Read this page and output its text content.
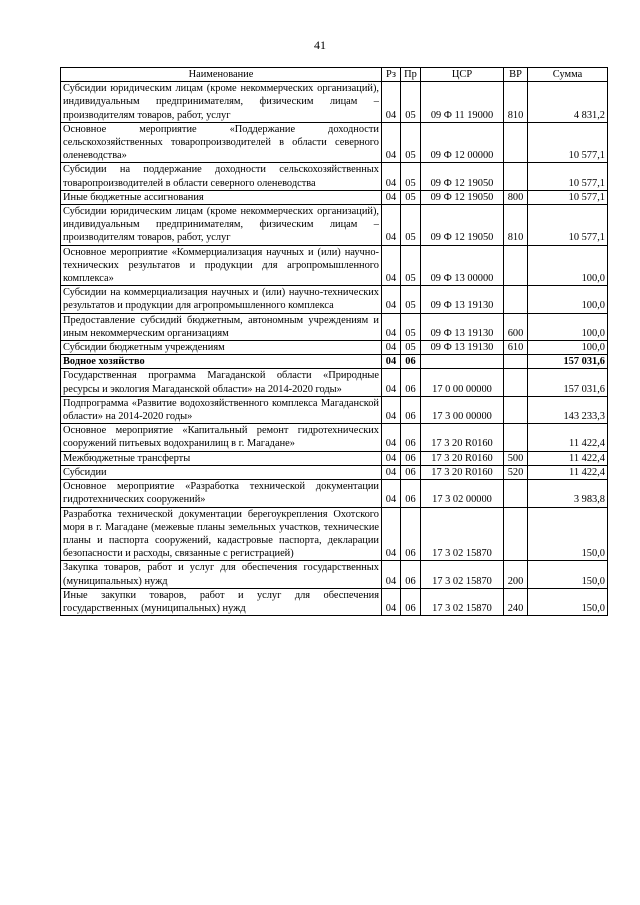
41
Наименование	Рз	Пр	ЦСР	ВР	Сумма
Субсидии юридическим лицам (кроме некоммерческих организаций), индивидуальным предпринимателям, физическим лицам – производителям товаров, работ, услуг	04	05	09 Ф 11 19000	810	4 831,2
Основное мероприятие «Поддержание доходности сельскохозяйственных товаропроизводителей в области северного оленеводства»	04	05	09 Ф 12 00000		10 577,1
Субсидии на поддержание доходности сельскохозяйственных товаропроизводителей в области северного оленеводства	04	05	09 Ф 12 19050		10 577,1
Иные бюджетные ассигнования	04	05	09 Ф 12 19050	800	10 577,1
Субсидии юридическим лицам (кроме некоммерческих организаций), индивидуальным предпринимателям, физическим лицам – производителям товаров, работ, услуг	04	05	09 Ф 12 19050	810	10 577,1
Основное мероприятие «Коммерциализация научных и (или) научно-технических результатов и продукции для агропромышленного комплекса»	04	05	09 Ф 13 00000		100,0
Субсидии на коммерциализация научных и (или) научно-технических результатов и продукции для агропромышленного комплекса	04	05	09 Ф 13 19130		100,0
Предоставление субсидий бюджетным, автономным учреждениям и иным некоммерческим организациям	04	05	09 Ф 13 19130	600	100,0
Субсидии бюджетным учреждениям	04	05	09 Ф 13 19130	610	100,0
Водное хозяйство	04	06			157 031,6
Государственная программа Магаданской области «Природные ресурсы и экология Магаданской области» на 2014-2020 годы»	04	06	17 0 00 00000		157 031,6
Подпрограмма «Развитие водохозяйственного комплекса Магаданской области» на 2014-2020 годы»	04	06	17 3 00 00000		143 233,3
Основное мероприятие «Капитальный ремонт гидротехнических сооружений питьевых водохранилищ в г. Магадане»	04	06	17 3 20 R0160		11 422,4
Межбюджетные трансферты	04	06	17 3 20 R0160	500	11 422,4
Субсидии	04	06	17 3 20 R0160	520	11 422,4
Основное мероприятие «Разработка технической документации гидротехнических сооружений»	04	06	17 3 02 00000		3 983,8
Разработка технической документации берегоукрепления Охотского моря в г. Магадане (межевые планы земельных участков, технические планы и паспорта сооружений, кадастровые паспорта, декларации безопасности и расходы, связанные с регистрацией)	04	06	17 3 02 15870		150,0
Закупка товаров, работ и услуг для обеспечения государственных (муниципальных) нужд	04	06	17 3 02 15870	200	150,0
Иные закупки товаров, работ и услуг для обеспечения государственных (муниципальных) нужд	04	06	17 3 02 15870	240	150,0
